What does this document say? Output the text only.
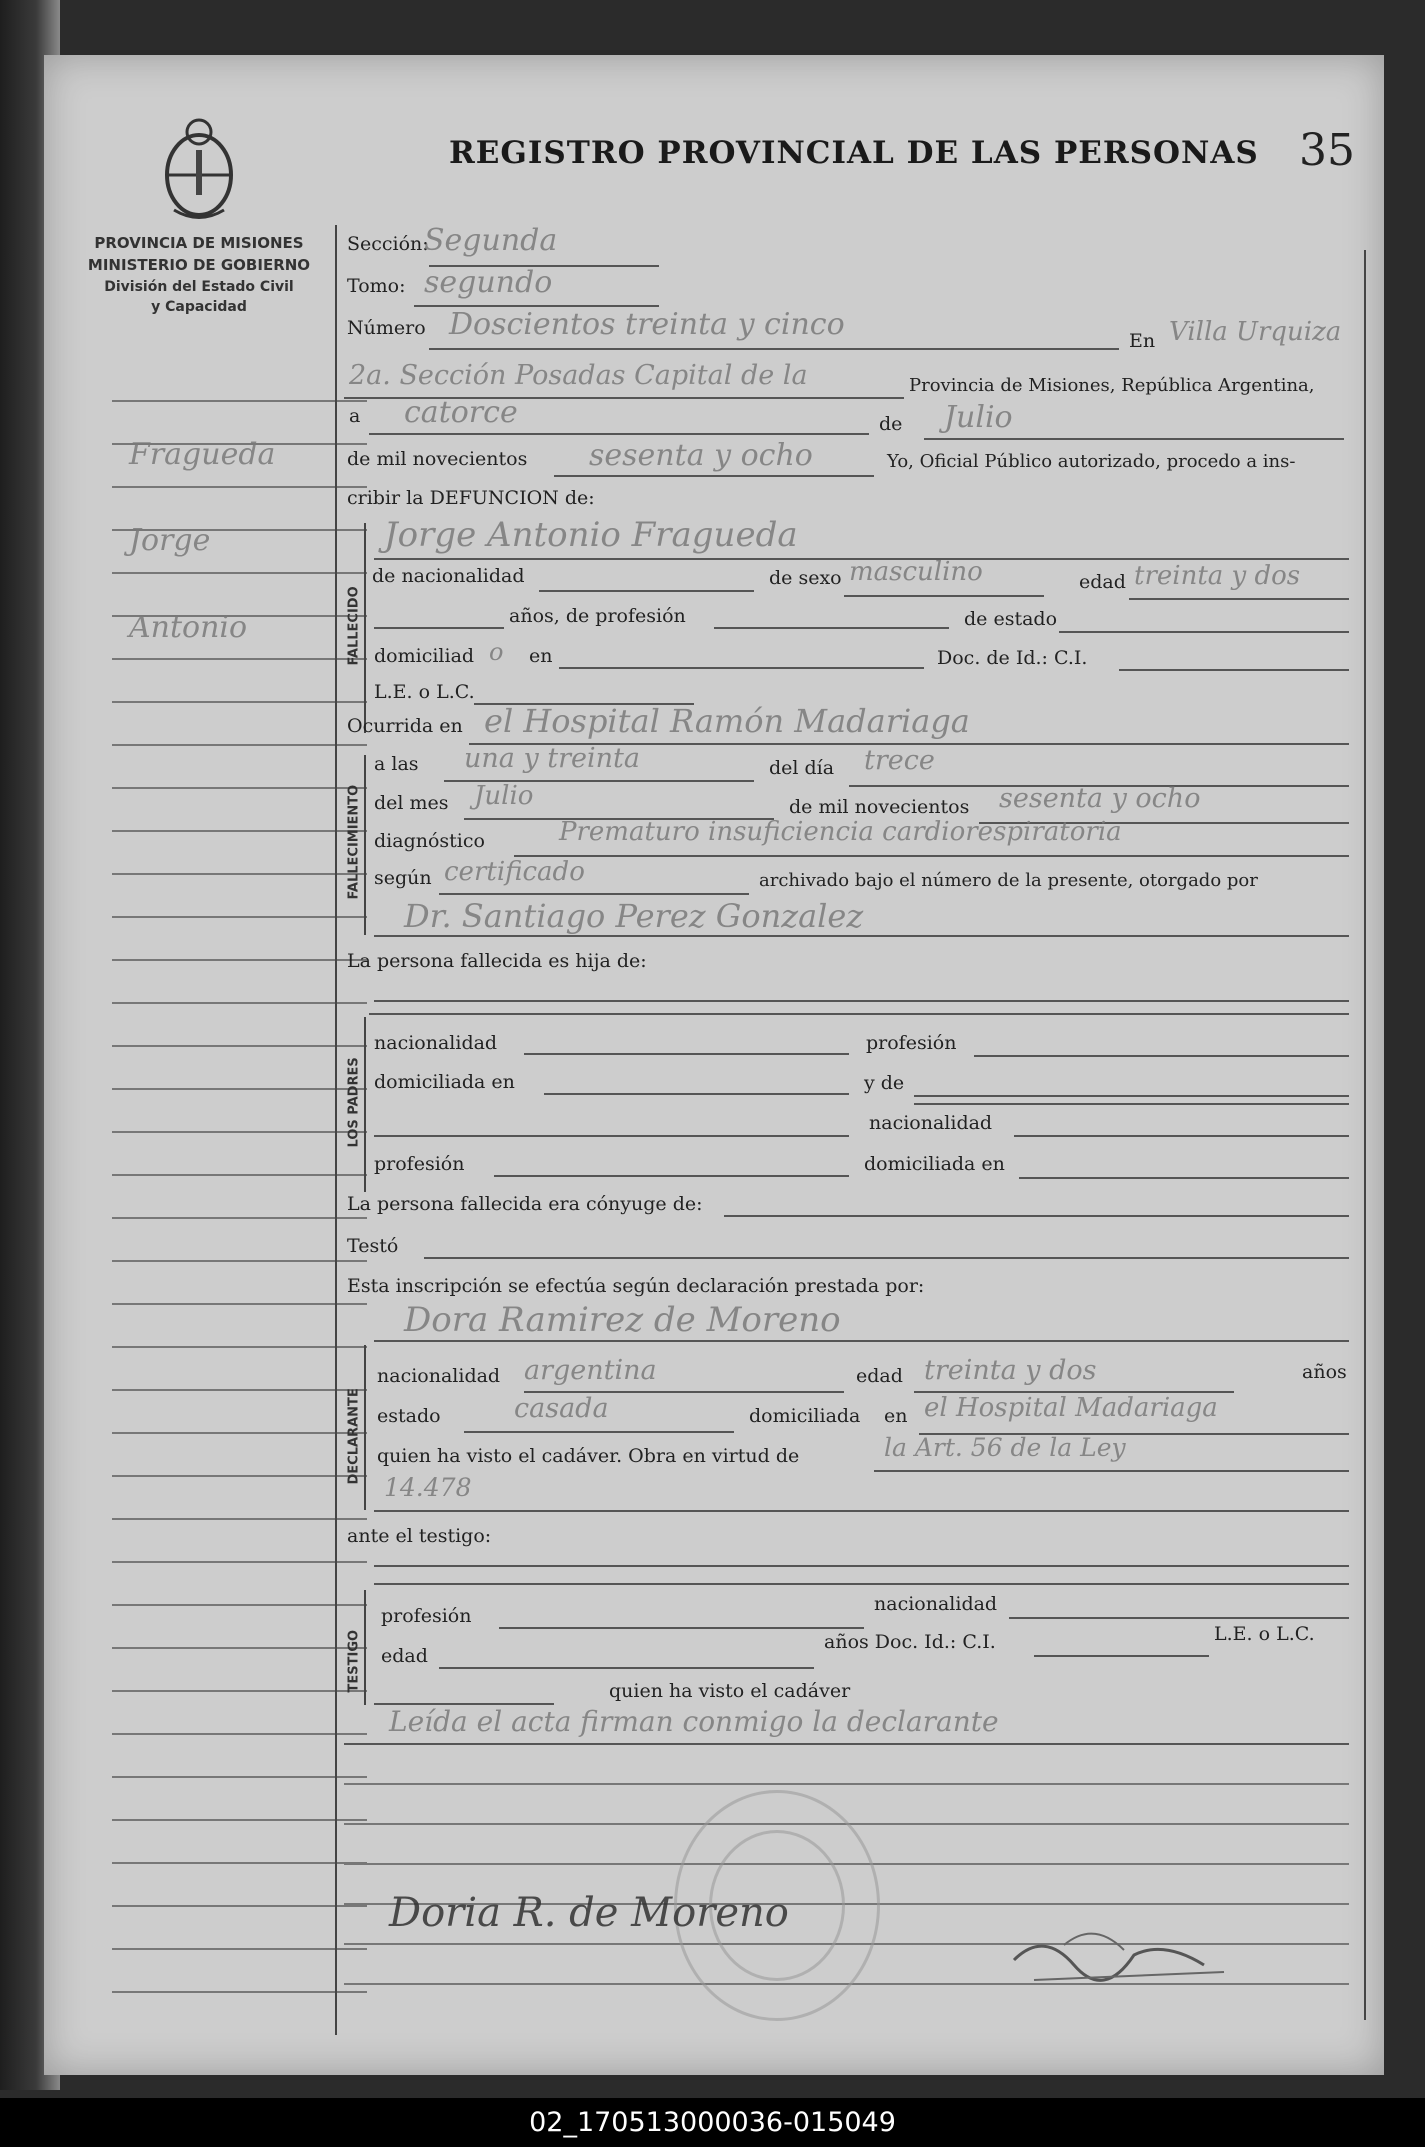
REGISTRO PROVINCIAL DE LAS PERSONAS 35
PROVINCIA DE MISIONES
MINISTERIO DE GOBIERNO
División del Estado Civil
y Capacidad
Fragueda
Jorge
Antonio
Sección:
Segunda
Tomo: segundo
Número Doscientos treinta y cinco	En Villa Urquiza
2a. Sección Posadas Capital de la	Provincia de Misiones, República Argentina,
a catorce	de Julio
de mil novecientos sesenta y ocho	Yo, Oficial Público autorizado, procedo a ins-
cribir la DEFUNCION de:
FALLECIDO
Jorge Antonio Fragueda
de nacionalidad	de sexo masculino	edad treinta y dos
años, de profesión	de estado
domiciliad o en	Doc. de Id.: C.I.
L.E. o L.C.
Ocurrida en el Hospital Ramón Madariaga
FALLECIMIENTO
a las una y treinta	del día trece
del mes Julio	de mil novecientos sesenta y ocho
diagnóstico	Prematuro insuficiencia cardiorespiratoria
según certificado	archivado bajo el número de la presente, otorgado por
Dr. Santiago Perez Gonzalez
La persona fallecida es hija de:
LOS PADRES
nacionalidad	profesión
domiciliada en	y de
nacionalidad
profesión	domiciliada en
La persona fallecida era cónyuge de:
Testó
Esta inscripción se efectúa según declaración prestada por:
Dora Ramirez de Moreno
DECLARANTE
nacionalidad argentina	edad treinta y dos	años
estado	casada	domiciliada en el Hospital Madariaga
quien ha visto el cadáver. Obra en virtud de	la Art. 56 de la Ley
14.478
ante el testigo:
TESTIGO
profesión
nacionalidad
edad
años Doc. Id.: C.I.	L.E. o L.C.
quien ha visto el cadáver
Leída el acta firman conmigo la declarante
Doria R. de Moreno
02_170513000036-015049
